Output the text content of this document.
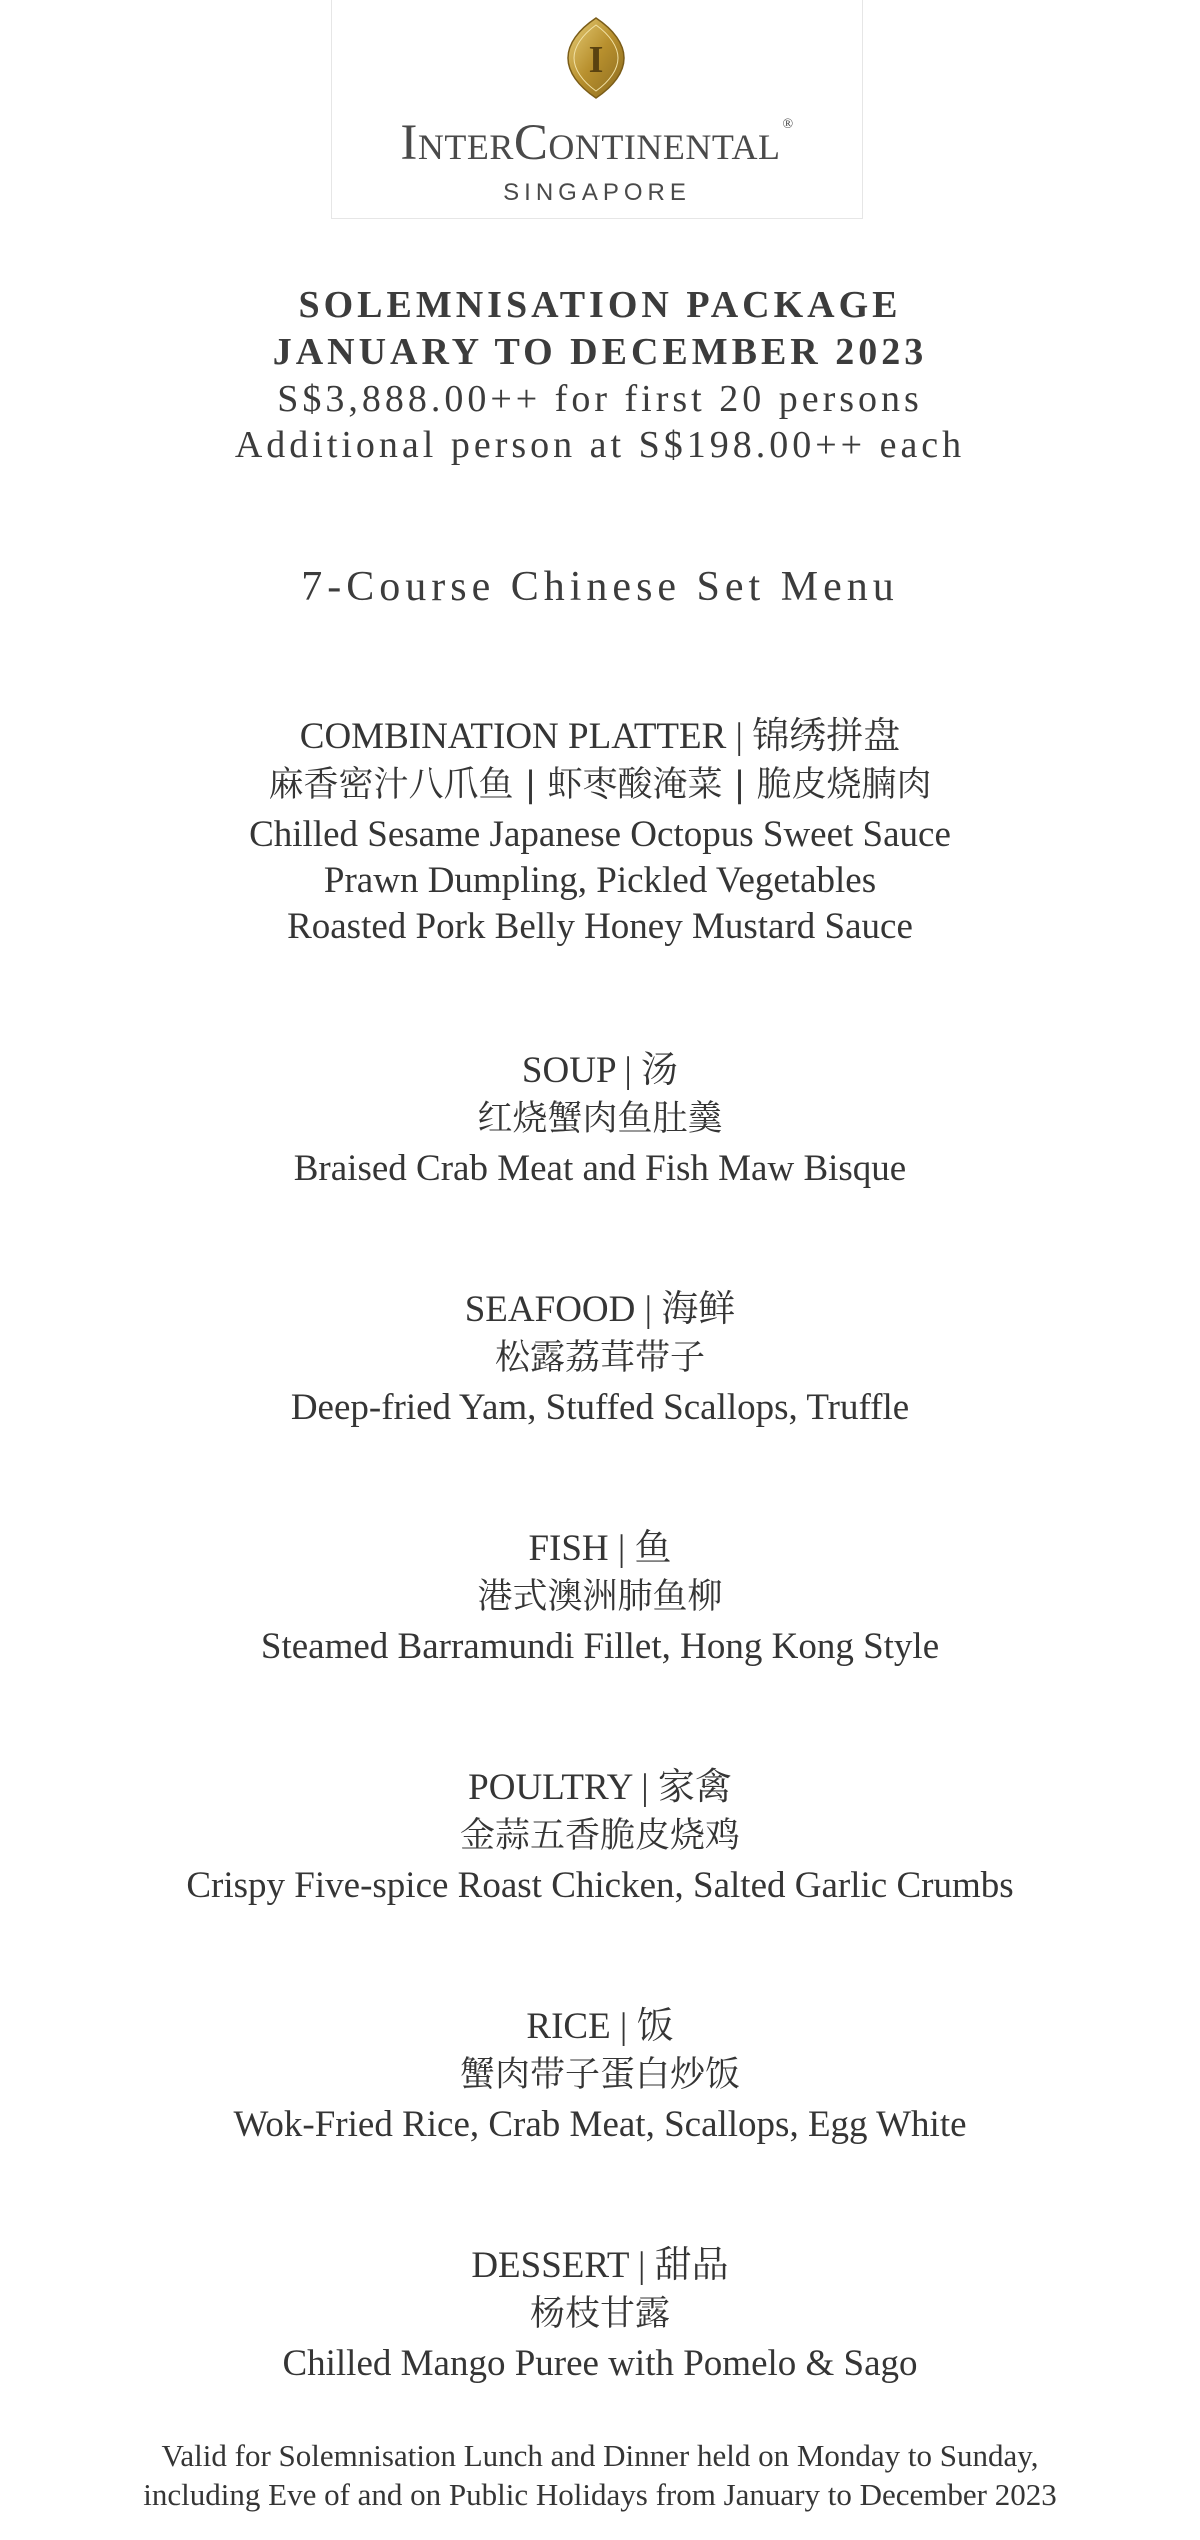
I
InterContinental ®
SINGAPORE
SOLEMNISATION PACKAGE
JANUARY TO DECEMBER 2023
S$3,888.00++ for first 20 persons
Additional person at S$198.00++ each
7-Course Chinese Set Menu
COMBINATION PLATTER | 锦绣拼盘
麻香密汁八爪鱼 | 虾枣酸淹菜 | 脆皮烧腩肉
Chilled Sesame Japanese Octopus Sweet Sauce
Prawn Dumpling, Pickled Vegetables
Roasted Pork Belly Honey Mustard Sauce
SOUP | 汤
红烧蟹肉鱼肚羹
Braised Crab Meat and Fish Maw Bisque
SEAFOOD | 海鲜
松露荔茸带子
Deep-fried Yam, Stuffed Scallops, Truffle
FISH | 鱼
港式澳洲肺鱼柳
Steamed Barramundi Fillet, Hong Kong Style
POULTRY | 家禽
金蒜五香脆皮烧鸡
Crispy Five-spice Roast Chicken, Salted Garlic Crumbs
RICE | 饭
蟹肉带子蛋白炒饭
Wok-Fried Rice, Crab Meat, Scallops, Egg White
DESSERT | 甜品
杨枝甘露
Chilled Mango Puree with Pomelo & Sago
Valid for Solemnisation Lunch and Dinner held on Monday to Sunday,
including Eve of and on Public Holidays from January to December 2023
